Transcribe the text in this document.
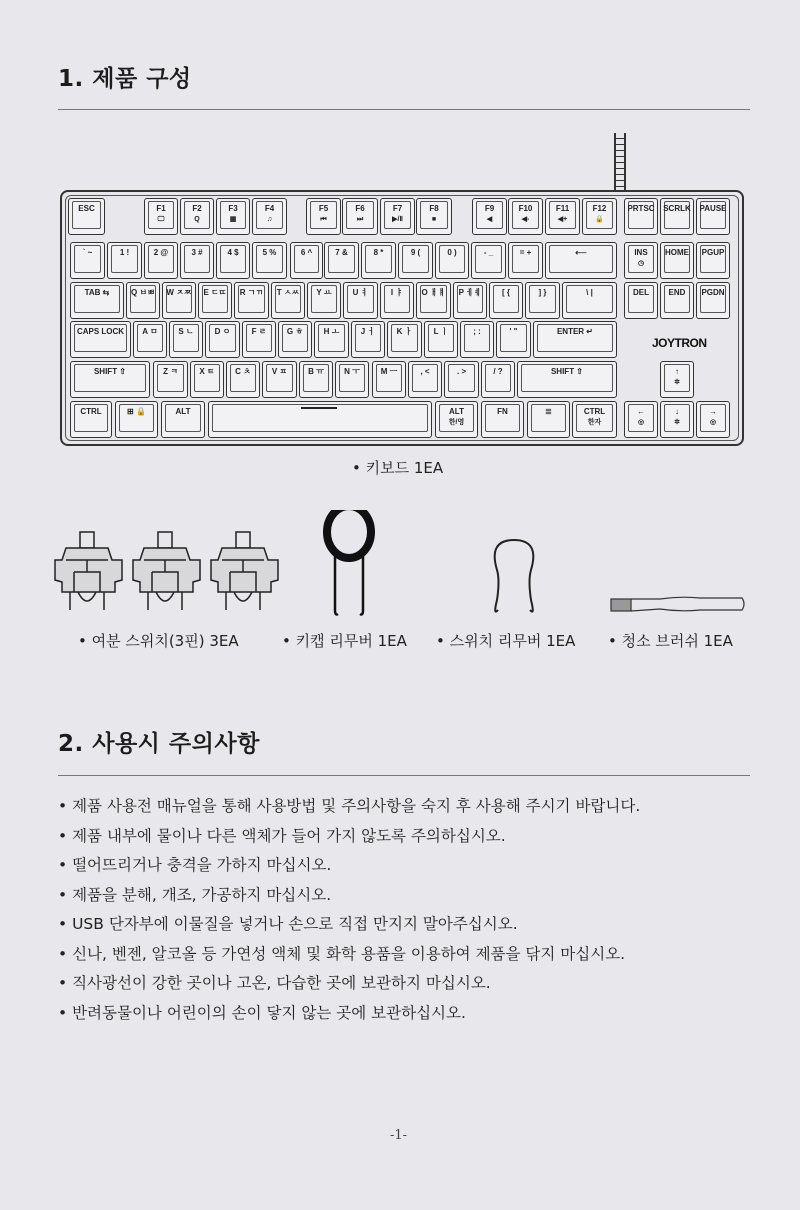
1. 제품 구성
ESC	F1
🖵
F2
Q
F3
▦
F4
♫
F5
⏮
F6
⏭
F7
▶/Ⅱ
F8
■
F9
◀
F10
◀-
F11
◀+
F12
🔒
PRTSC	SCRLK	PAUSE
` ~	1 !	2 @	3 #	4 $	5 %	6 ^	7 &	8 *	9 (	0 )	- _	= +	⟵	INS
◷
HOME	PGUP
TAB ⇆	Q ㅂㅃ	W ㅈㅉ	E ㄷㄸ	R ㄱㄲ	T ㅅㅆ	Y ㅛ	U ㅕ	I ㅑ	O ㅐㅒ	P ㅔㅖ	[ {	] }	\ |	DEL	END	PGDN
CAPS LOCK	A ㅁ	S ㄴ	D ㅇ	F ㄹ	G ㅎ	H ㅗ	J ㅓ	K ㅏ	L ㅣ	; :	' "	ENTER ↵
SHIFT ⇧	Z ㅋ	X ㅌ	C ㅊ	V ㅍ	B ㅠ	N ㅜ	M ㅡ	, <	. >	/ ?	SHIFT ⇧	↑
✲
CTRL	⊞ 🔒	ALT	ALT
한/영
FN	≣	CTRL
한자
←
◎
↓
✲
→
◎
JOYTRON
• 키보드 1EA
• 여분 스위치(3핀) 3EA	• 키캡 리무버 1EA • 스위치 리무버 1EA • 청소 브러쉬 1EA
2. 사용시 주의사항
• 제품 사용전 매뉴얼을 통해 사용방법 및 주의사항을 숙지 후 사용해 주시기 바랍니다.
• 제품 내부에 물이나 다른 액체가 들어 가지 않도록 주의하십시오.
• 떨어뜨리거나 충격을 가하지 마십시오.
• 제품을 분해, 개조, 가공하지 마십시오.
• USB 단자부에 이물질을 넣거나 손으로 직접 만지지 말아주십시오.
• 신나, 벤젠, 알코올 등 가연성 액체 및 화학 용품을 이용하여 제품을 닦지 마십시오.
• 직사광선이 강한 곳이나 고온, 다습한 곳에 보관하지 마십시오.
• 반려동물이나 어린이의 손이 닿지 않는 곳에 보관하십시오.
-1-
